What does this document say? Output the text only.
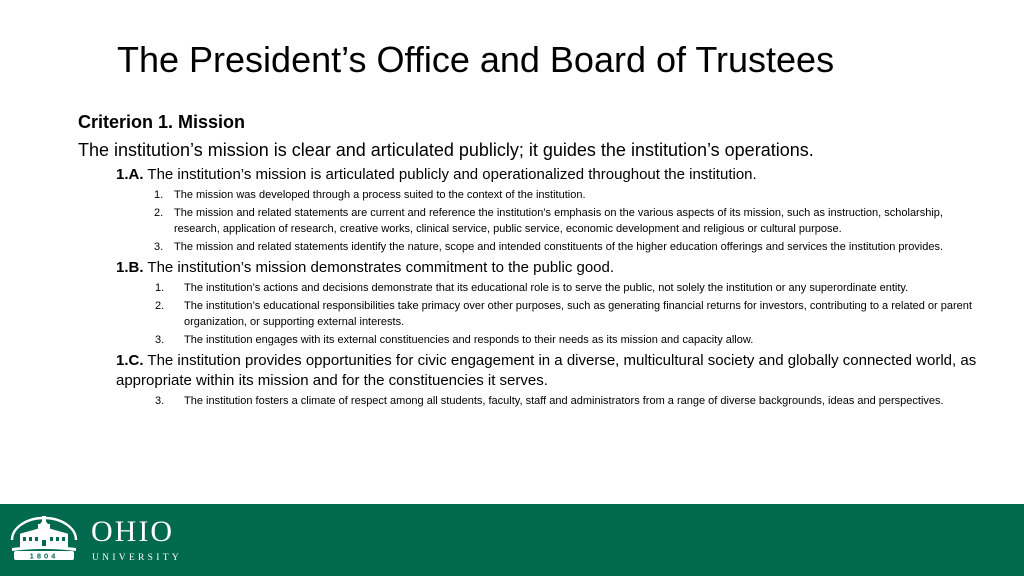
The President’s Office and Board of Trustees
Criterion 1. Mission
The institution’s mission is clear and articulated publicly; it guides the institution’s operations.
1.A. The institution’s mission is articulated publicly and operationalized throughout the institution.
1. The mission was developed through a process suited to the context of the institution.
2. The mission and related statements are current and reference the institution’s emphasis on the various aspects of its mission, such as instruction, scholarship, research, application of research, creative works, clinical service, public service, economic development and religious or cultural purpose.
3. The mission and related statements identify the nature, scope and intended constituents of the higher education offerings and services the institution provides.
1.B. The institution’s mission demonstrates commitment to the public good.
1. The institution’s actions and decisions demonstrate that its educational role is to serve the public, not solely the institution or any superordinate entity.
2. The institution’s educational responsibilities take primacy over other purposes, such as generating financial returns for investors, contributing to a related or parent organization, or supporting external interests.
3. The institution engages with its external constituencies and responds to their needs as its mission and capacity allow.
1.C. The institution provides opportunities for civic engagement in a diverse, multicultural society and globally connected world, as appropriate within its mission and for the constituencies it serves.
3. The institution fosters a climate of respect among all students, faculty, staff and administrators from a range of diverse backgrounds, ideas and perspectives.
1804
OHIO
UNIVERSITY
